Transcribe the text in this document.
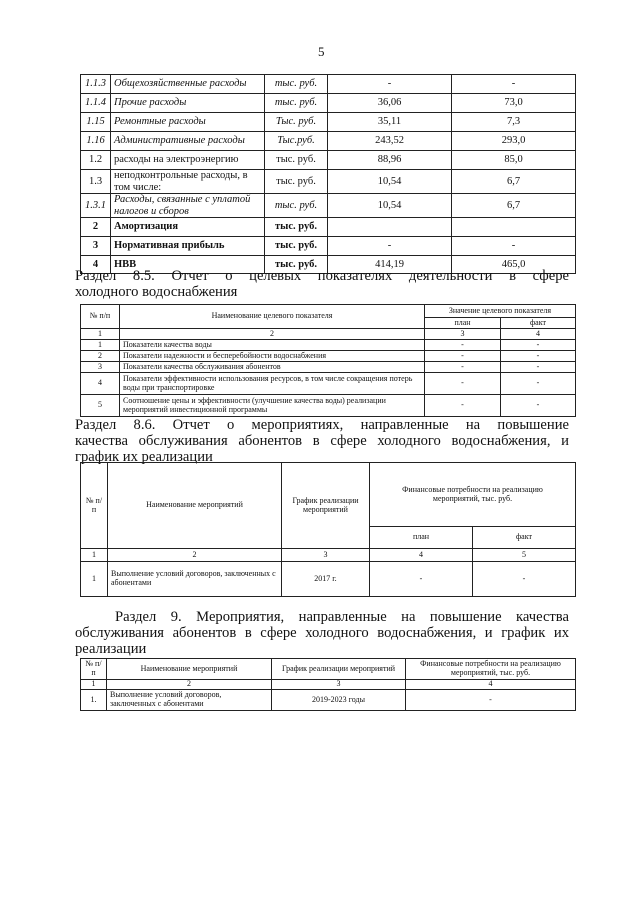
5
1.1.3	Общехозяйственные расходы	тыс. руб.	-	-
1.1.4	Прочие расходы	тыс. руб.	36,06	73,0
1.15	Ремонтные расходы	Тыс. руб.	35,11	7,3
1.16	Административные расходы	Тыс.руб.	243,52	293,0
1.2	расходы на электроэнергию	тыс. руб.	88,96	85,0
1.3	неподконтрольные расходы, в том числе:	тыс. руб.	10,54	6,7
1.3.1	Расходы, связанные с уплатой налогов и сборов	тыс. руб.	10,54	6,7
2	Амортизация	тыс. руб.		
3	Нормативная прибыль	тыс. руб.	-	-
4	НВВ	тыс. руб.	414,19	465,0
Раздел 8.5. Отчет о целевых показателях деятельности в сфере
холодного водоснабжения
№ п/п	Наименование целевого показателя	Значение целевого показателя	
		план	факт
1	2	3	4
1	Показатели качества воды	-	-
2	Показатели надежности и бесперебойности водоснабжения	-	-
3	Показатели качества обслуживания абонентов	-	-
4	Показатели эффективности использования ресурсов, в том числе сокращения потерь воды при транспортировке	-	-
5	Соотношение цены и эффективности (улучшение качества воды) реализации мероприятий инвестиционной программы	-	-
Раздел 8.6. Отчет о мероприятиях, направленные на повышение
качества обслуживания абонентов в сфере холодного водоснабжения, и
график их реализации
№ п/п	Наименование мероприятий	График реализации мероприятий	Финансовые потребности на реализацию мероприятий, тыс. руб.	
			план	факт
1	2	3	4	5
1	Выполнение условий договоров, заключенных с абонентами	2017 г.	-	-
Раздел 9. Мероприятия, направленные на повышение качества
обслуживания абонентов в сфере холодного водоснабжения, и график их
реализации
№ п/п	Наименование мероприятий	График реализации мероприятий	Финансовые потребности на реализацию мероприятий, тыс. руб.
1	2	3	4
1.	Выполнение условий договоров, заключенных с абонентами	2019-2023 годы	-
